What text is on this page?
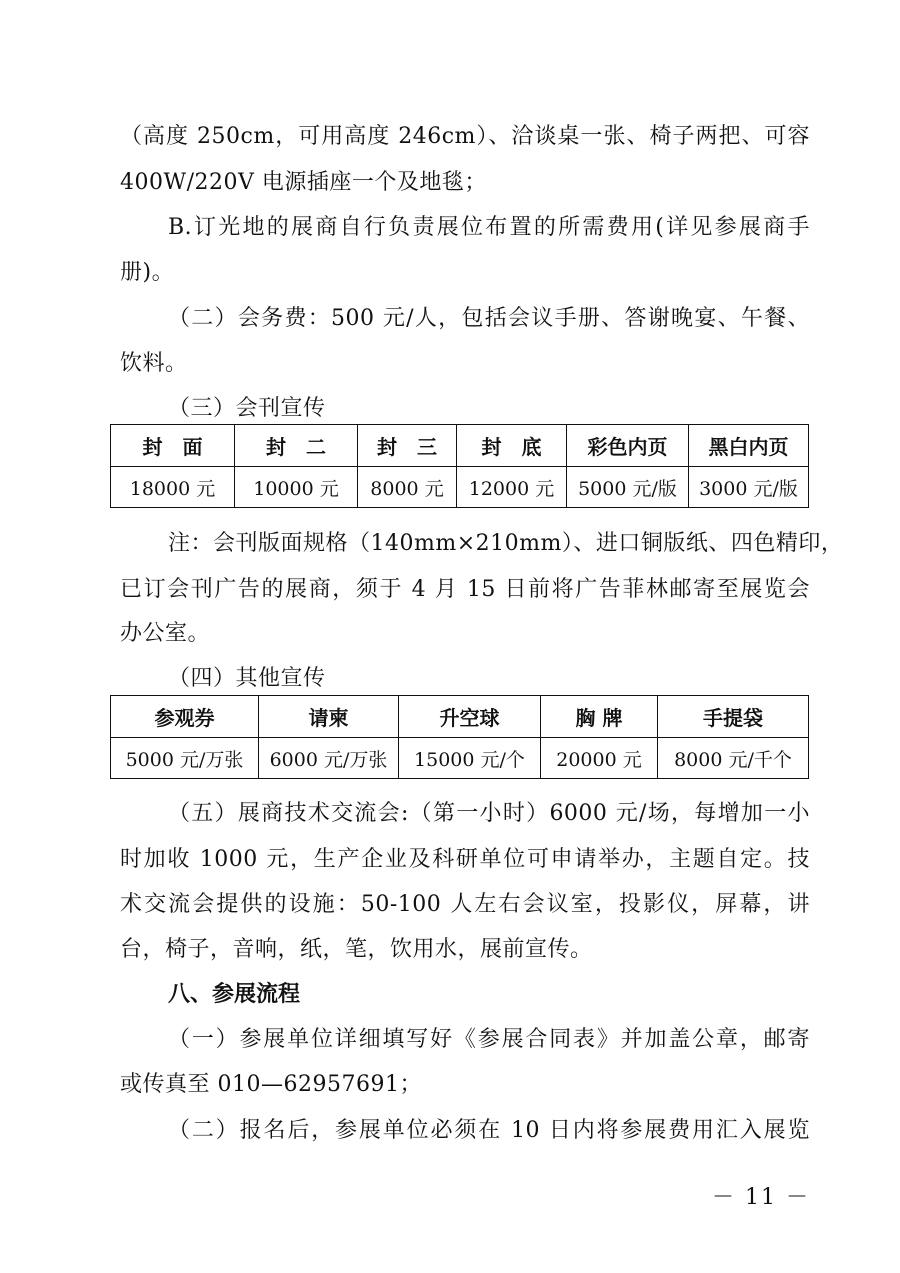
（高度 250cm，可用高度 246cm）、洽谈桌一张、椅子两把、可容
400W/220V 电源插座一个及地毯；
B.订光地的展商自行负责展位布置的所需费用(详见参展商手
册)。
（二）会务费：500 元/人，包括会议手册、答谢晚宴、午餐、
饮料。
（三）会刊宣传
封　面	封　二	封　三	封　底	彩色内页	黑白内页
18000 元	10000 元	8000 元	12000 元	5000 元/版	3000 元/版
注：会刊版面规格（140mm×210mm）、进口铜版纸、四色精印，
已订会刊广告的展商，须于 4 月 15 日前将广告菲林邮寄至展览会
办公室。
（四）其他宣传
参观券	请柬	升空球	胸 牌	手提袋
5000 元/万张	6000 元/万张	15000 元/个	20000 元	8000 元/千个
（五）展商技术交流会:（第一小时）6000 元/场，每增加一小
时加收 1000 元，生产企业及科研单位可申请举办，主题自定。技
术交流会提供的设施：50-100 人左右会议室，投影仪，屏幕，讲
台，椅子，音响，纸，笔，饮用水，展前宣传。
八、参展流程
（一）参展单位详细填写好《参展合同表》并加盖公章，邮寄
或传真至 010—62957691；
（二）报名后，参展单位必须在 10 日内将参展费用汇入展览
－ 11 －
